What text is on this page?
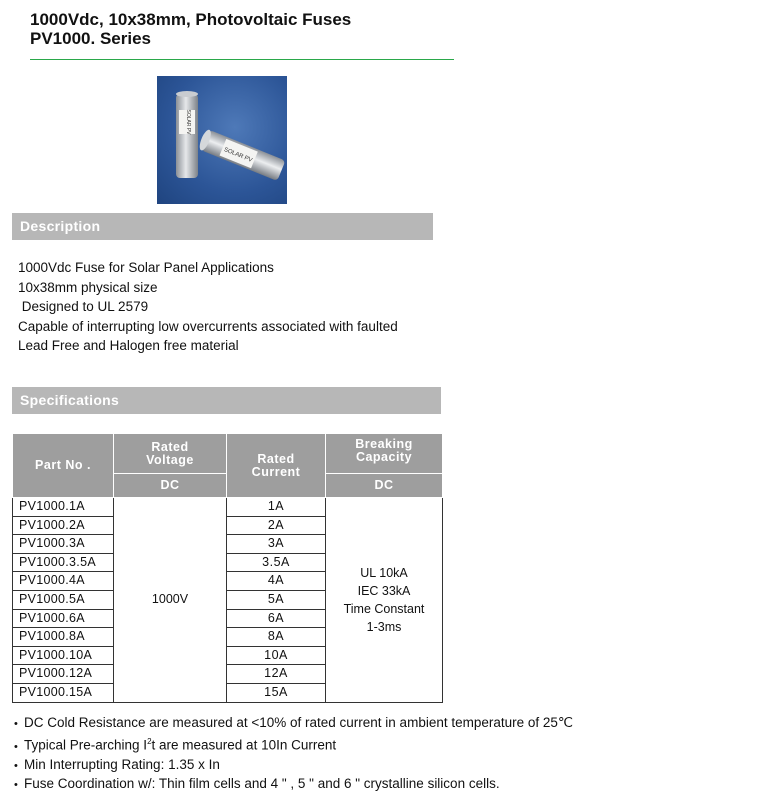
1000Vdc, 10x38mm, Photovoltaic Fuses
PV1000. Series
SOLAR PV
SOLAR PV
Description
1000Vdc Fuse for Solar Panel Applications
10x38mm physical size
Designed to UL 2579
Capable of interrupting low overcurrents associated with faulted
Lead Free and Halogen free material
Specifications
Part No .	Rated Voltage	Rated Current	Breaking Capacity
	DC		DC
PV1000.1A	1000V	1A	UL 10kA
IEC 33kA
Time Constant
1-3ms

PV1000.2A		2A	
PV1000.3A		3A	
PV1000.3.5A		3.5A	
PV1000.4A		4A	
PV1000.5A		5A	
PV1000.6A		6A	
PV1000.8A		8A	
PV1000.10A		10A	
PV1000.12A		12A	
PV1000.15A		15A	
• DC Cold Resistance are measured at <10% of rated current in ambient temperature of 25℃
• Typical Pre-arching $I^2t$ are measured at 10In Current
• Min Interrupting Rating: 1.35 x In
• Fuse Coordination w/: Thin film cells and 4 " , 5 " and 6 " crystalline silicon cells.
